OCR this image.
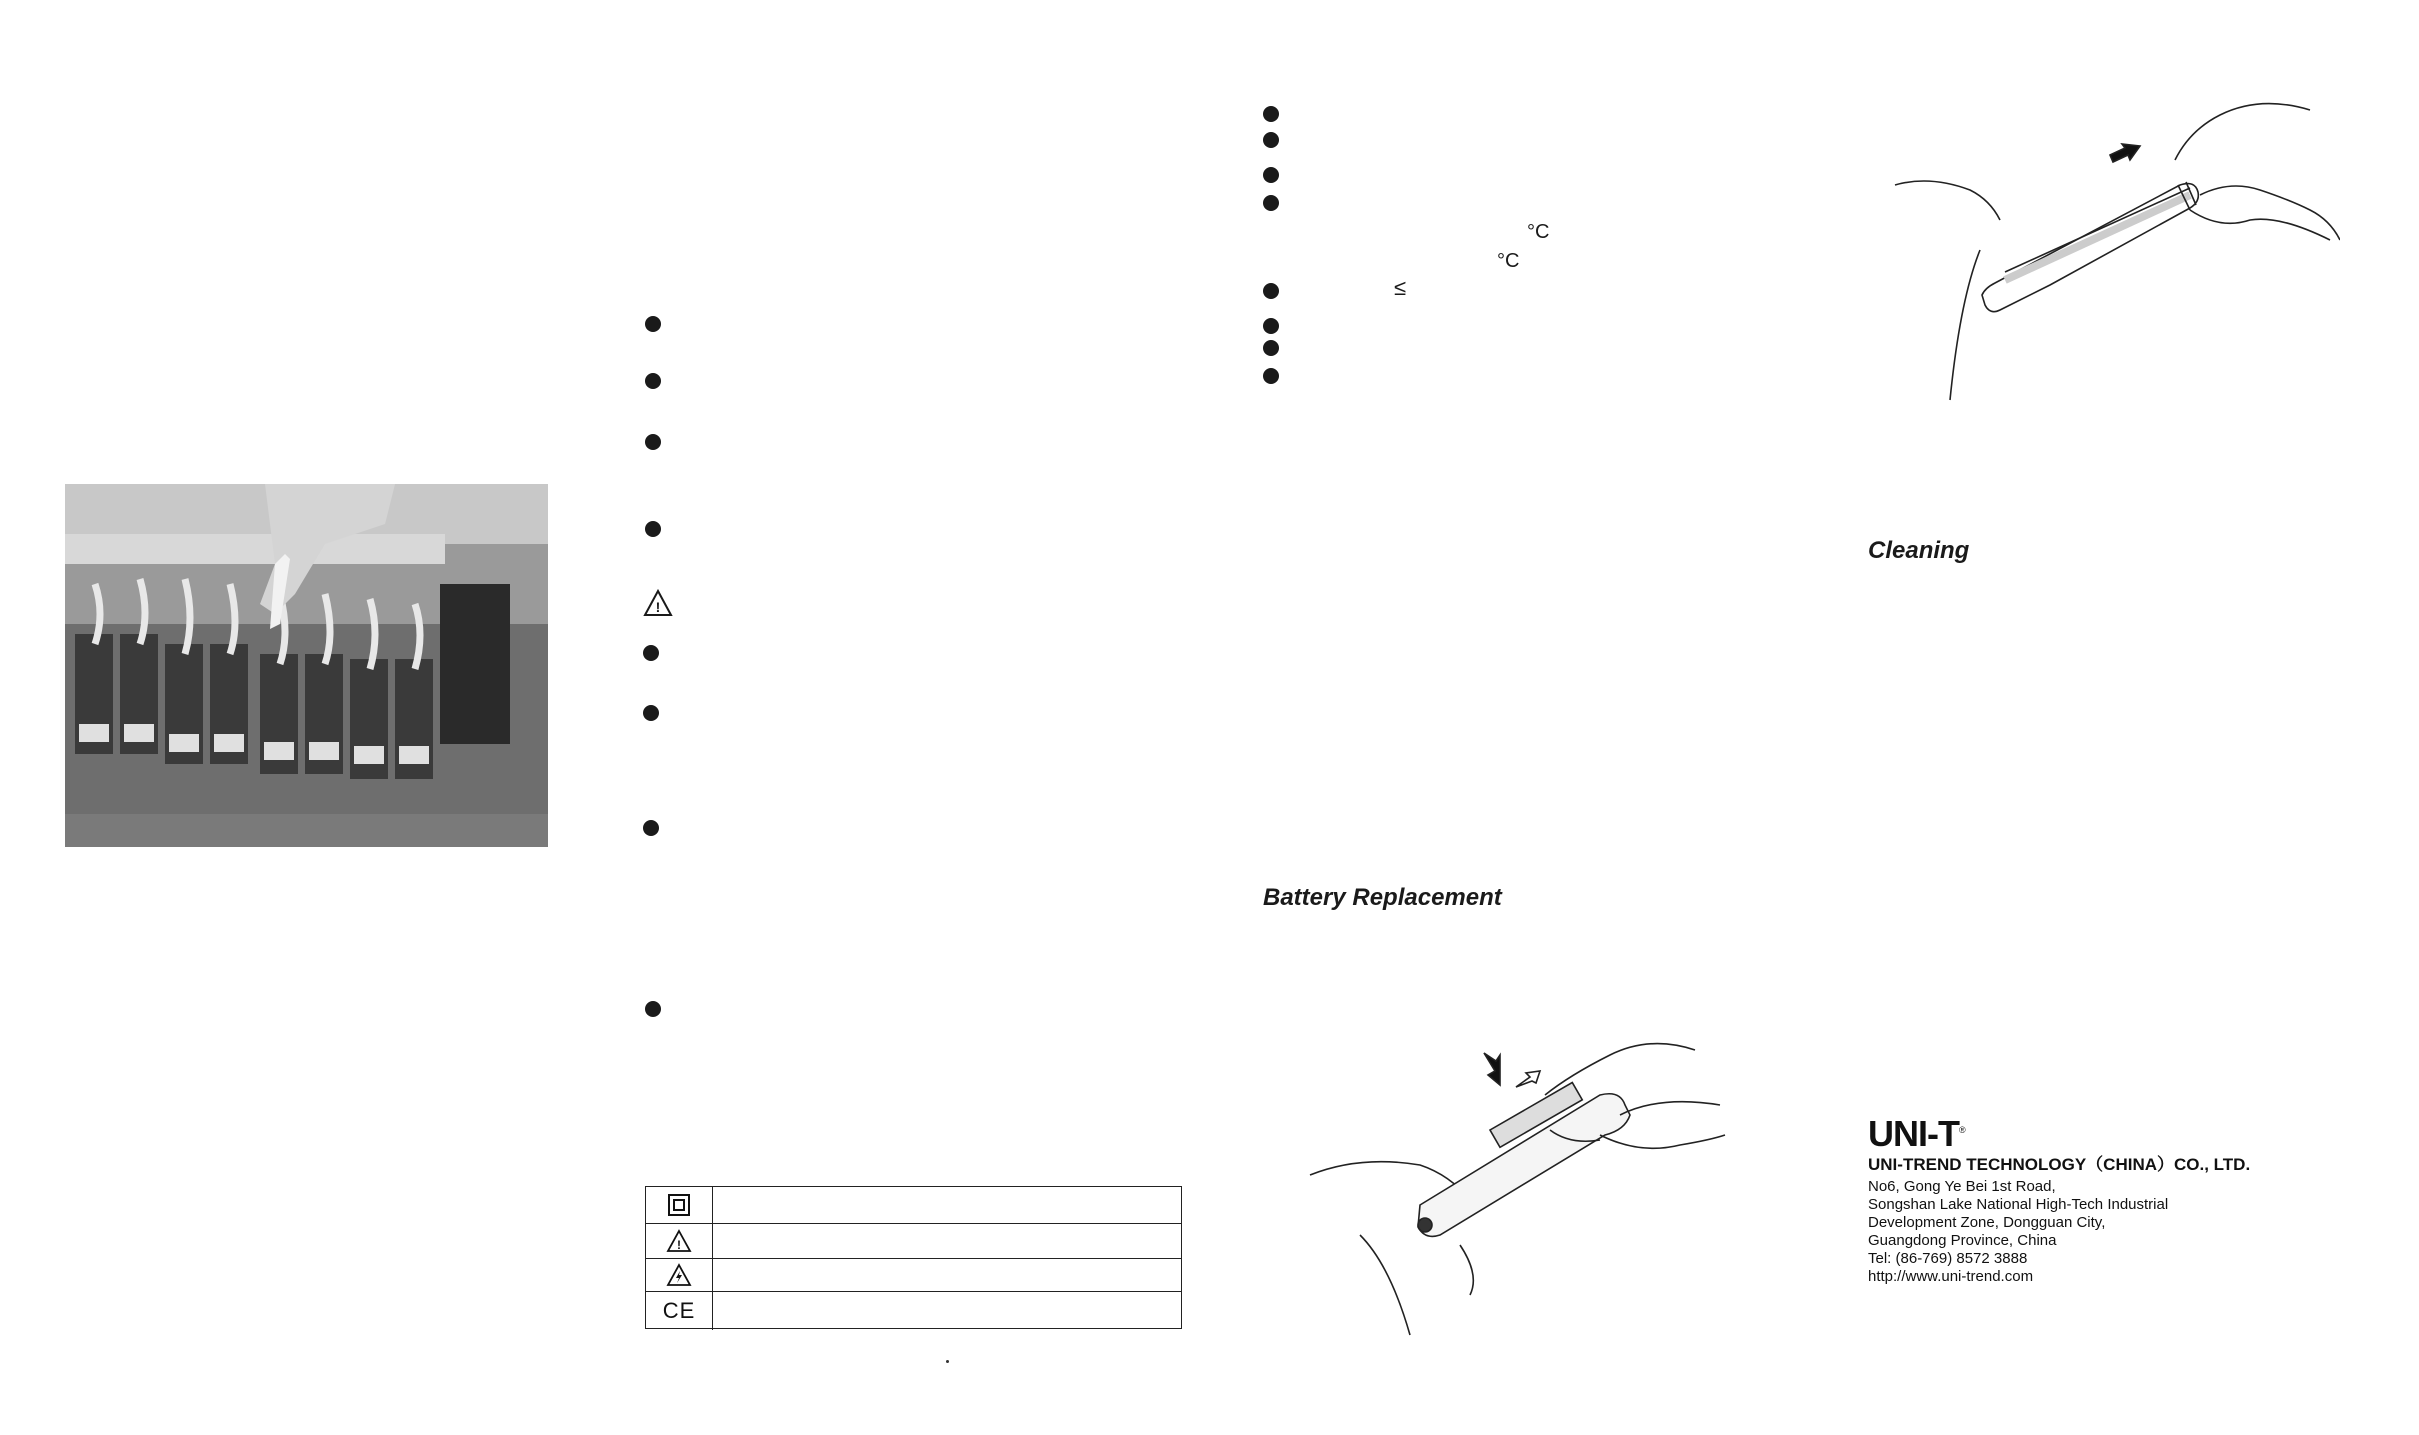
!
!
CE
°C
°C
≤
Battery Replacement
Cleaning
UNI-T®
UNI-TREND TECHNOLOGY（CHINA）CO., LTD.
No6, Gong Ye Bei 1st Road,
Songshan Lake National High-Tech Industrial
Development Zone, Dongguan City,
Guangdong Province, China
Tel: (86-769) 8572 3888
http://www.uni-trend.com
